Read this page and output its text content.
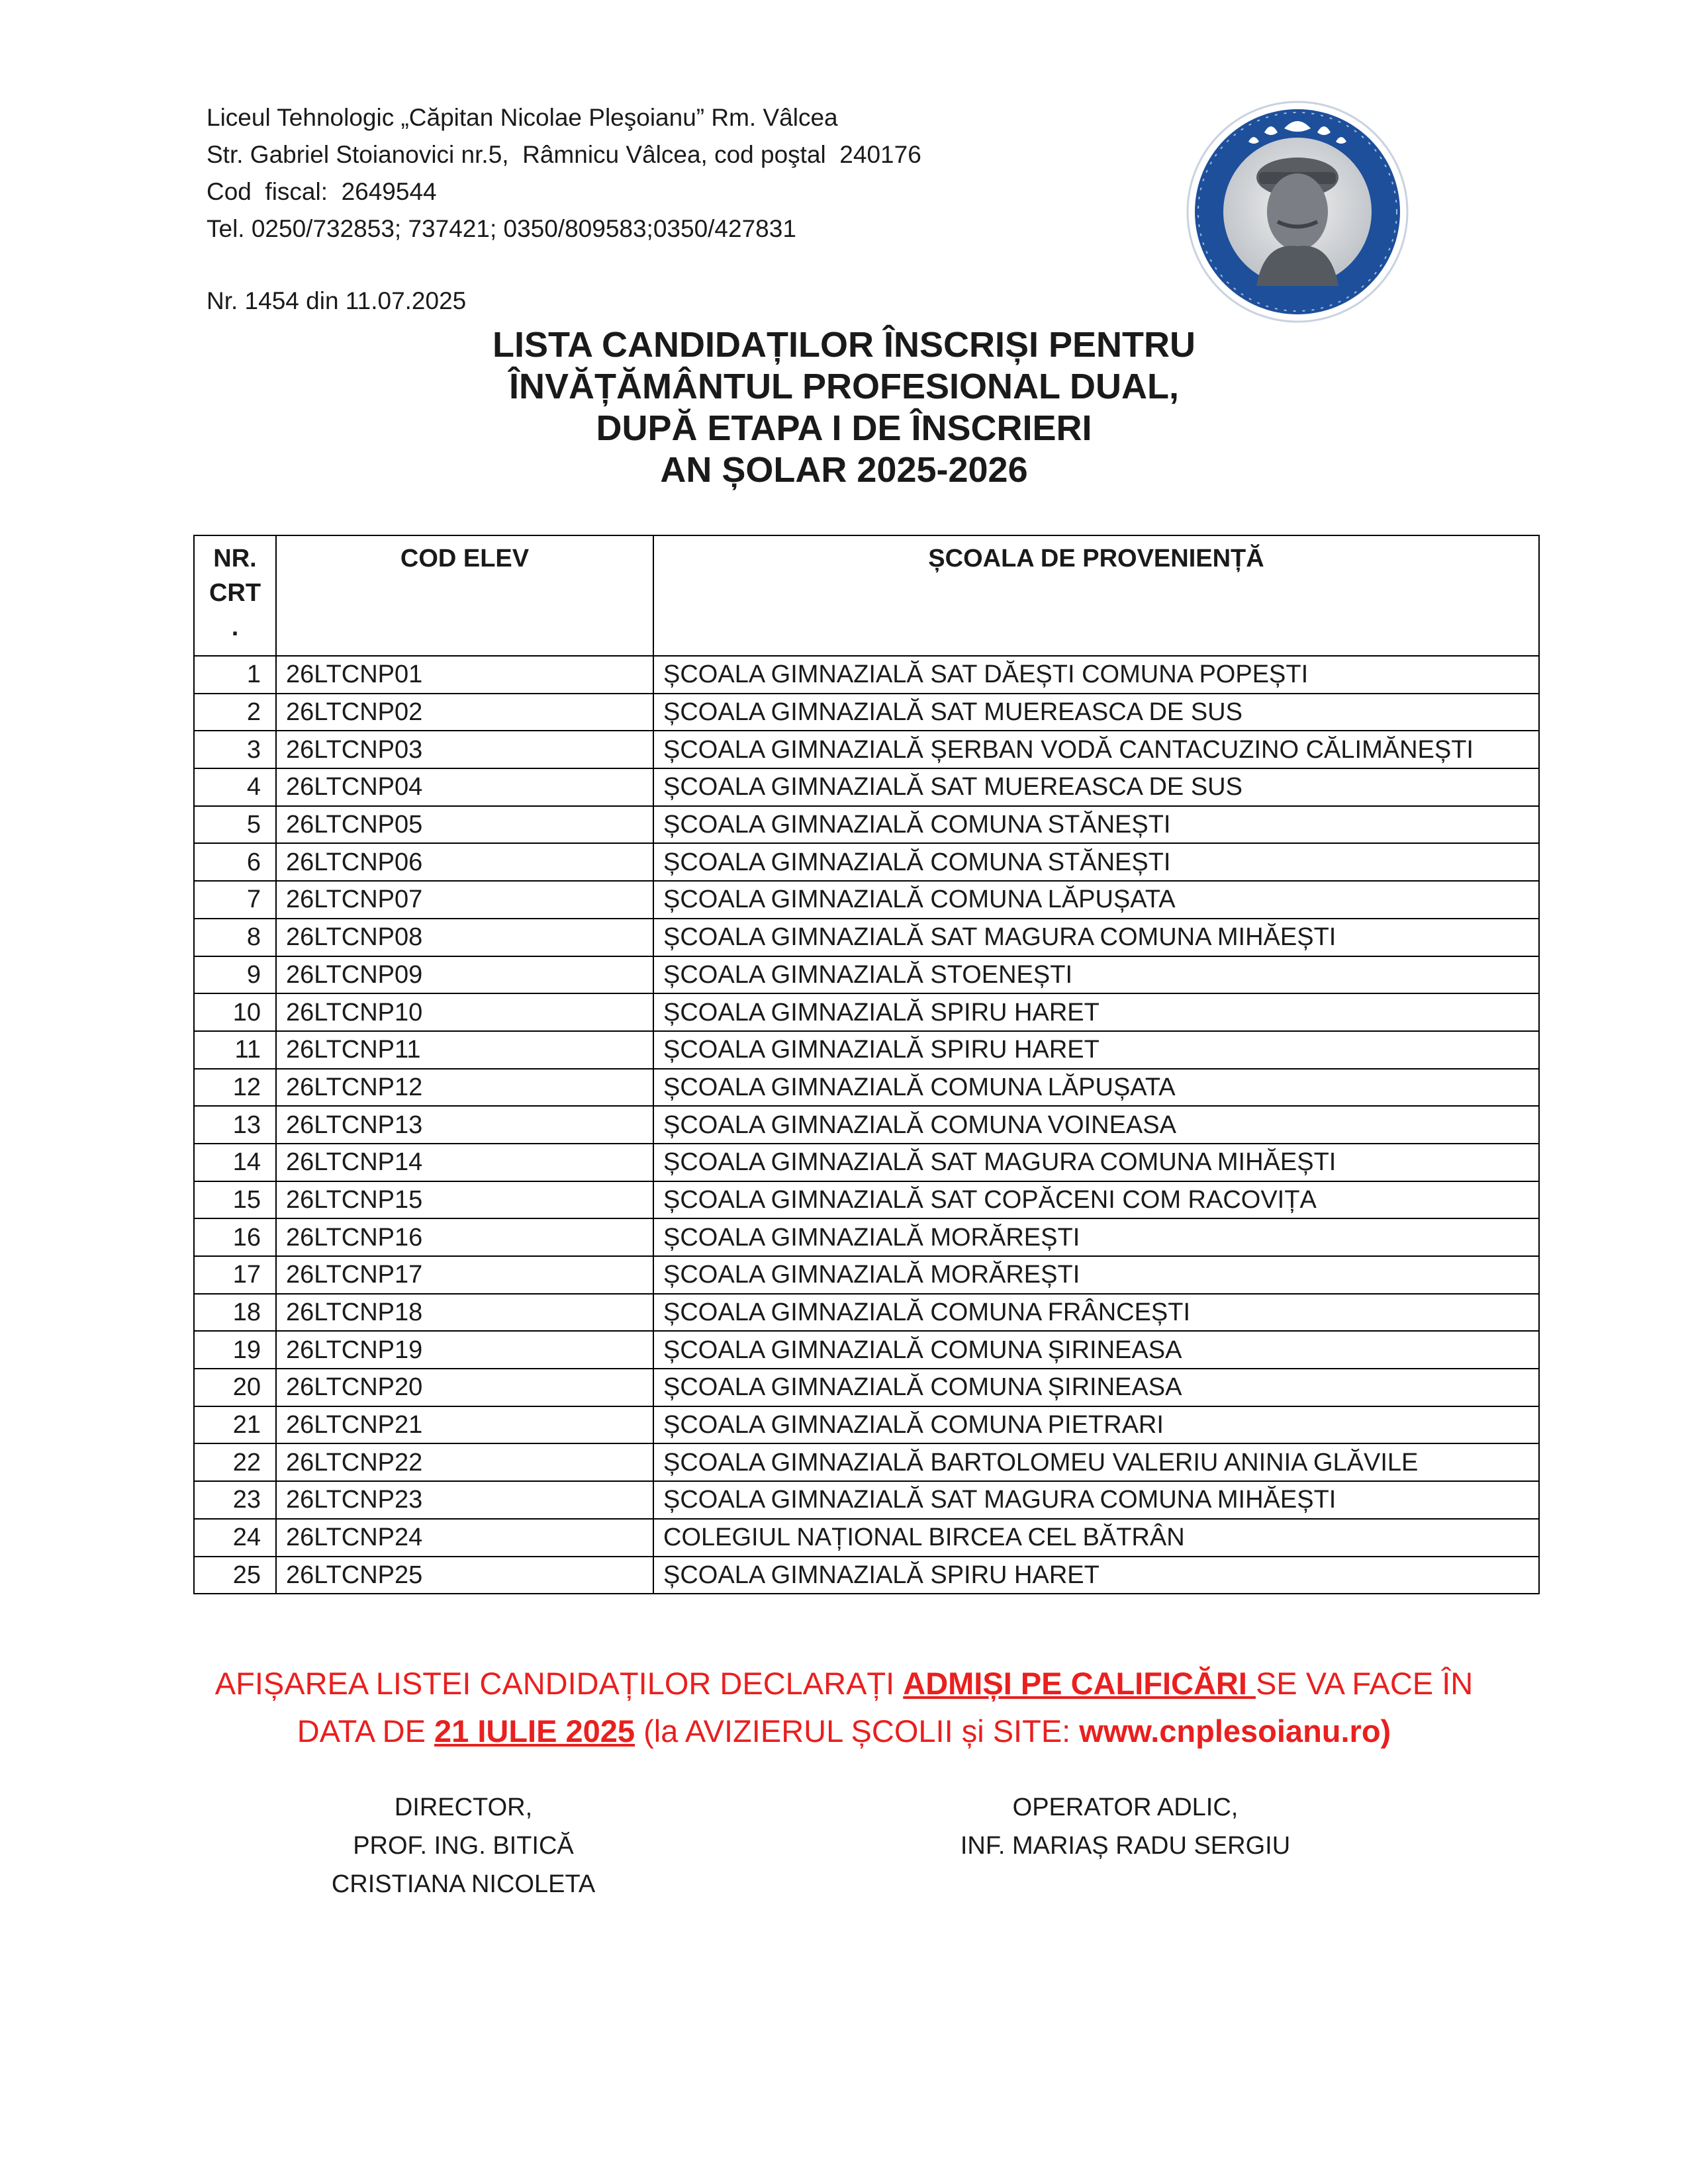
Liceul Tehnologic „Căpitan Nicolae Pleşoianu” Rm. Vâlcea
Str. Gabriel Stoianovici nr.5,  Râmnicu Vâlcea, cod poştal  240176
Cod  fiscal:  2649544
Tel. 0250/732853; 737421; 0350/809583;0350/427831
Nr. 1454 din 11.07.2025
LISTA CANDIDAȚILOR ÎNSCRIȘI PENTRU
ÎNVĂȚĂMÂNTUL PROFESIONAL DUAL,
DUPĂ ETAPA I DE ÎNSCRIERI
AN ȘOLAR 2025-2026
NR.
CRT
.	COD ELEV	ȘCOALA DE PROVENIENȚĂ
1	26LTCNP01	ȘCOALA GIMNAZIALĂ SAT DĂEȘTI COMUNA POPEȘTI
2	26LTCNP02	ȘCOALA GIMNAZIALĂ SAT MUEREASCA DE SUS
3	26LTCNP03	ȘCOALA GIMNAZIALĂ ȘERBAN VODĂ CANTACUZINO CĂLIMĂNEȘTI
4	26LTCNP04	ȘCOALA GIMNAZIALĂ SAT MUEREASCA DE SUS
5	26LTCNP05	ȘCOALA GIMNAZIALĂ COMUNA STĂNEȘTI
6	26LTCNP06	ȘCOALA GIMNAZIALĂ COMUNA STĂNEȘTI
7	26LTCNP07	ȘCOALA GIMNAZIALĂ COMUNA LĂPUȘATA
8	26LTCNP08	ȘCOALA GIMNAZIALĂ SAT MAGURA COMUNA MIHĂEȘTI
9	26LTCNP09	ȘCOALA GIMNAZIALĂ STOENEȘTI
10	26LTCNP10	ȘCOALA GIMNAZIALĂ SPIRU HARET
11	26LTCNP11	ȘCOALA GIMNAZIALĂ SPIRU HARET
12	26LTCNP12	ȘCOALA GIMNAZIALĂ COMUNA LĂPUȘATA
13	26LTCNP13	ȘCOALA GIMNAZIALĂ COMUNA VOINEASA
14	26LTCNP14	ȘCOALA GIMNAZIALĂ SAT MAGURA COMUNA MIHĂEȘTI
15	26LTCNP15	ȘCOALA GIMNAZIALĂ SAT COPĂCENI COM RACOVIȚA
16	26LTCNP16	ȘCOALA GIMNAZIALĂ MORĂREȘTI
17	26LTCNP17	ȘCOALA GIMNAZIALĂ MORĂREȘTI
18	26LTCNP18	ȘCOALA GIMNAZIALĂ COMUNA FRÂNCEȘTI
19	26LTCNP19	ȘCOALA GIMNAZIALĂ COMUNA ȘIRINEASA
20	26LTCNP20	ȘCOALA GIMNAZIALĂ COMUNA ȘIRINEASA
21	26LTCNP21	ȘCOALA GIMNAZIALĂ COMUNA PIETRARI
22	26LTCNP22	ȘCOALA GIMNAZIALĂ BARTOLOMEU VALERIU ANINIA GLĂVILE
23	26LTCNP23	ȘCOALA GIMNAZIALĂ SAT MAGURA COMUNA MIHĂEȘTI
24	26LTCNP24	COLEGIUL NAȚIONAL BIRCEA CEL BĂTRÂN
25	26LTCNP25	ȘCOALA GIMNAZIALĂ SPIRU HARET
AFIȘAREA LISTEI CANDIDAȚILOR DECLARAȚI ADMIȘI PE CALIFICĂRI SE VA FACE ÎN
DATA DE 21 IULIE 2025 (la AVIZIERUL ȘCOLII și SITE: www.cnplesoianu.ro)
DIRECTOR,
PROF. ING. BITICĂ
CRISTIANA NICOLETA
OPERATOR ADLIC,
INF. MARIAȘ RADU SERGIU
